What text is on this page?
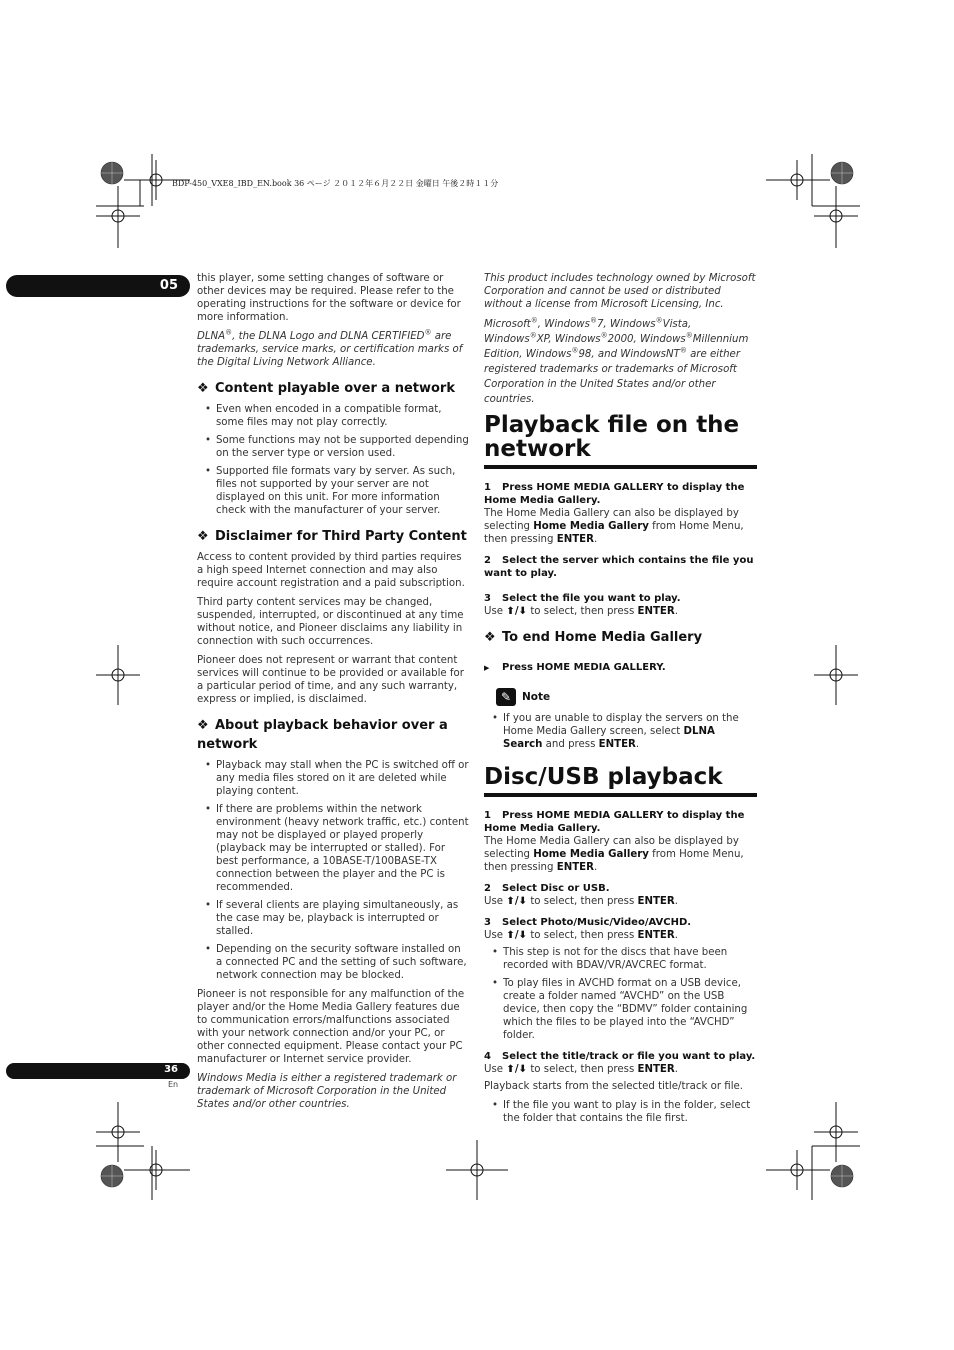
BDP-450_VXE8_IBD_EN.book 36 ページ ２０１２年６月２２日 金曜日 午後２時１１分
05
36
En

this player, some setting changes of software or other devices may be required. Please refer to the operating instructions for the software or device for more information.

DLNA®, the DLNA Logo and DLNA CERTIFIED® are trademarks, service marks, or certification marks of the Digital Living Network Alliance.

❖ Content playable over a network
• Even when encoded in a compatible format, some files may not play correctly.
• Some functions may not be supported depending on the server type or version used.
• Supported file formats vary by server. As such, files not supported by your server are not displayed on this unit. For more information check with the manufacturer of your server.
❖ Disclaimer for Third Party Content

Access to content provided by third parties requires a high speed Internet connection and may also require account registration and a paid subscription.

Third party content services may be changed, suspended, interrupted, or discontinued at any time without notice, and Pioneer disclaims any liability in connection with such occurrences.

Pioneer does not represent or warrant that content services will continue to be provided or available for a particular period of time, and any such warranty, express or implied, is disclaimed.

❖ About playback behavior over a network
• Playback may stall when the PC is switched off or any media files stored on it are deleted while playing content.
• If there are problems within the network environment (heavy network traffic, etc.) content may not be displayed or played properly (playback may be interrupted or stalled). For best performance, a 10BASE-T/100BASE-TX connection between the player and the PC is recommended.
• If several clients are playing simultaneously, as the case may be, playback is interrupted or stalled.
• Depending on the security software installed on a connected PC and the setting of such software, network connection may be blocked.

Pioneer is not responsible for any malfunction of the player and/or the Home Media Gallery features due to communication errors/malfunctions associated with your network connection and/or your PC, or other connected equipment. Please contact your PC manufacturer or Internet service provider.

Windows Media is either a registered trademark or trademark of Microsoft Corporation in the United States and/or other countries.

This product includes technology owned by Microsoft Corporation and cannot be used or distributed without a license from Microsoft Licensing, Inc.

Microsoft®, Windows®7, Windows®Vista, Windows®XP, Windows®2000, Windows®Millennium Edition, Windows®98, and WindowsNT® are either registered trademarks or trademarks of Microsoft Corporation in the United States and/or other countries.

Playback file on the network
1 Press HOME MEDIA GALLERY to display the Home Media Gallery.

The Home Media Gallery can also be displayed by selecting Home Media Gallery from Home Menu, then pressing ENTER.

2 Select the server which contains the file you want to play.
3 Select the file you want to play.

Use ⬆/⬇ to select, then press ENTER.

❖ To end Home Media Gallery
▶ Press HOME MEDIA GALLERY.
✎	Note
• If you are unable to display the servers on the Home Media Gallery screen, select DLNA Search and press ENTER.
Disc/USB playback
1 Press HOME MEDIA GALLERY to display the Home Media Gallery.

The Home Media Gallery can also be displayed by selecting Home Media Gallery from Home Menu, then pressing ENTER.

2 Select Disc or USB.

Use ⬆/⬇ to select, then press ENTER.

3 Select Photo/Music/Video/AVCHD.

Use ⬆/⬇ to select, then press ENTER.

• This step is not for the discs that have been recorded with BDAV/VR/AVCREC format.
• To play files in AVCHD format on a USB device, create a folder named “AVCHD” on the USB device, then copy the “BDMV” folder containing which the files to be played into the “AVCHD” folder.
4 Select the title/track or file you want to play.

Use ⬆/⬇ to select, then press ENTER.

Playback starts from the selected title/track or file.

• If the file you want to play is in the folder, select the folder that contains the file first.
